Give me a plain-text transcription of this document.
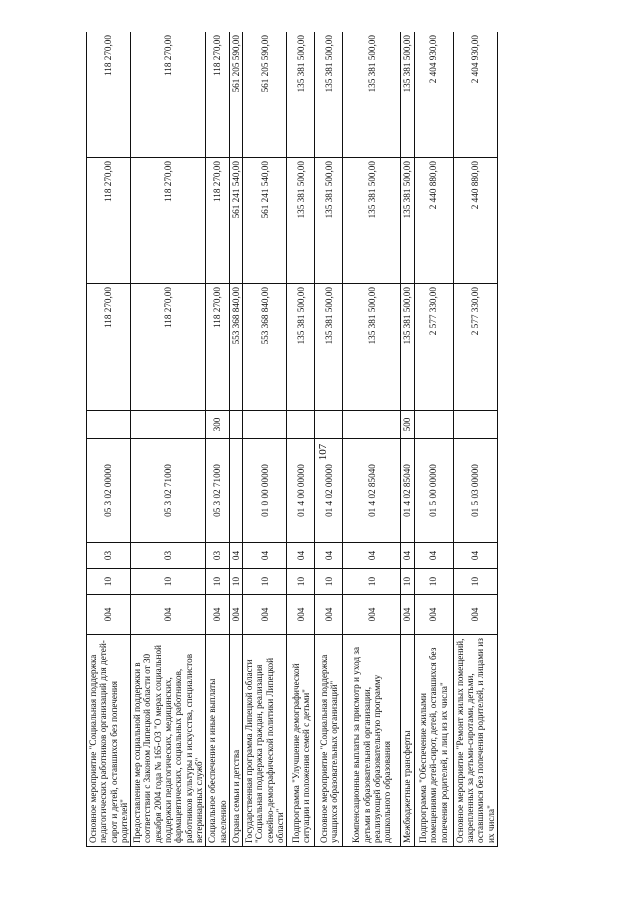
107
Основное мероприятие "Социальная поддержка педагогических работников организаций для детей-сирот и детей, оставшихся без попечения родителей"	004	10	03	05 3 02 00000		118 270,00	118 270,00	118 270,00
Предоставление мер социальной поддержки в соответствии с Законом Липецкой области от 30 декабря 2004 года № 165-ОЗ "О мерах социальной поддержки педагогических, медицинских, фармацевтических, социальных работников, работников культуры и искусства, специалистов ветеринарных служб"	004	10	03	05 3 02 71000		118 270,00	118 270,00	118 270,00
Социальное обеспечение и иные выплаты населению	004	10	03	05 3 02 71000	300	118 270,00	118 270,00	118 270,00
Охрана семьи и детства	004	10	04			553 368 840,00	561 241 540,00	561 205 590,00
Государственная программа Липецкой области "Социальная поддержка граждан, реализация семейно-демографической политики Липецкой области"	004	10	04	01 0 00 00000		553 368 840,00	561 241 540,00	561 205 590,00
Подпрограмма "Улучшение демографической ситуации и положения семей с детьми"	004	10	04	01 4 00 00000		135 381 500,00	135 381 500,00	135 381 500,00
Основное мероприятие "Социальная поддержка учащихся образовательных организаций"	004	10	04	01 4 02 00000		135 381 500,00	135 381 500,00	135 381 500,00
Компенсационные выплаты за присмотр и уход за детьми в образовательной организации, реализующей образовательную программу дошкольного образования	004	10	04	01 4 02 85040		135 381 500,00	135 381 500,00	135 381 500,00
Межбюджетные трансферты	004	10	04	01 4 02 85040	500	135 381 500,00	135 381 500,00	135 381 500,00
Подпрограмма "Обеспечение жилыми помещениями детей-сирот, детей, оставшихся без попечения родителей, и лиц из их числа"	004	10	04	01 5 00 00000		2 577 330,00	2 440 880,00	2 404 930,00
Основное мероприятие "Ремонт жилых помещений, закрепленных за детьми-сиротами, детьми, оставшимися без попечения родителей, и лицами из их числа"	004	10	04	01 5 03 00000		2 577 330,00	2 440 880,00	2 404 930,00
